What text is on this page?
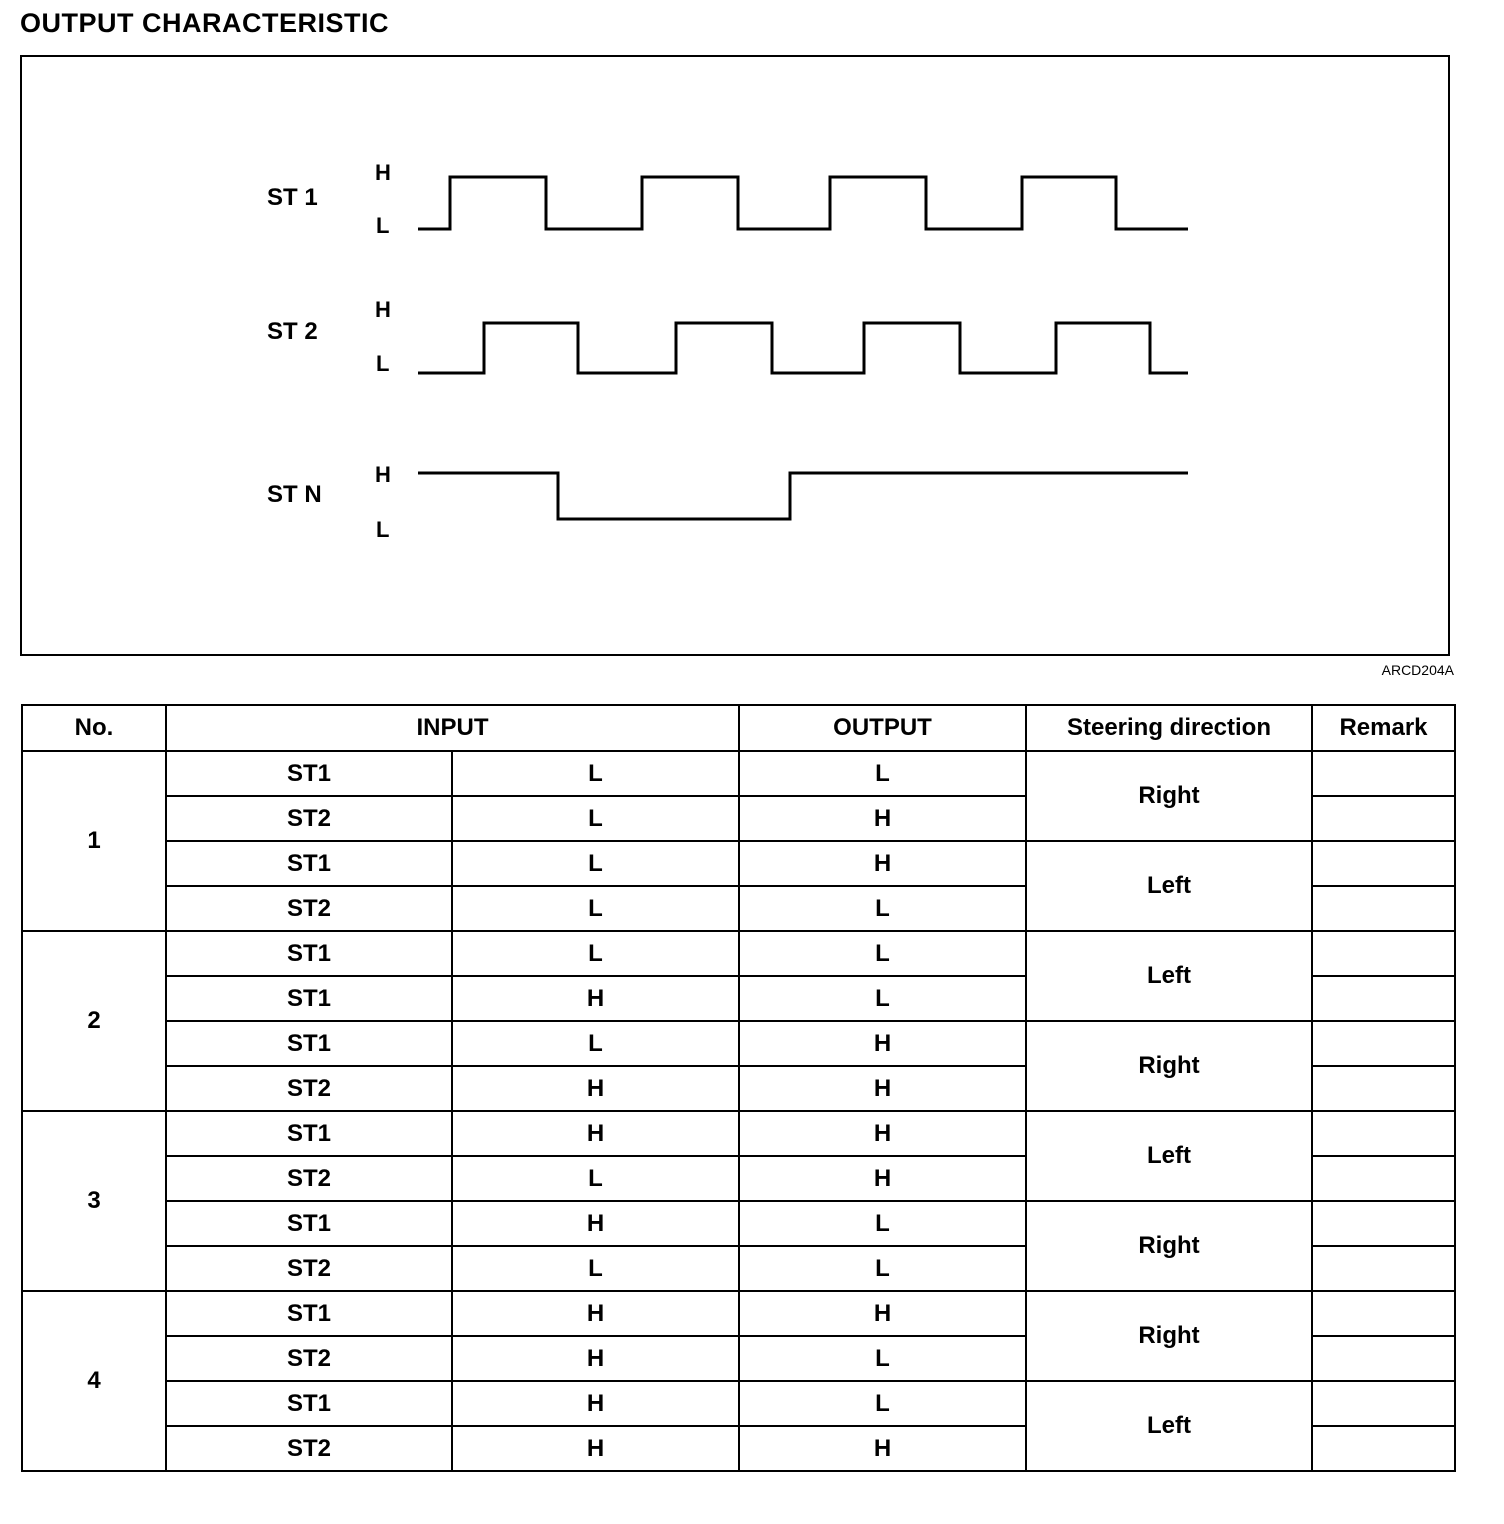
OUTPUT CHARACTERISTIC
ST 1
H
L
ST 2
H
L
ST N
H
L
ARCD204A
No.	INPUT		OUTPUT	Steering direction	Remark
1	ST1	L	L	Right	
	ST2	L	H		
	ST1	L	H	Left	
	ST2	L	L		
2	ST1	L	L	Left	
	ST1	H	L		
	ST1	L	H	Right	
	ST2	H	H		
3	ST1	H	H	Left	
	ST2	L	H		
	ST1	H	L	Right	
	ST2	L	L		
4	ST1	H	H	Right	
	ST2	H	L		
	ST1	H	L	Left	
	ST2	H	H		
